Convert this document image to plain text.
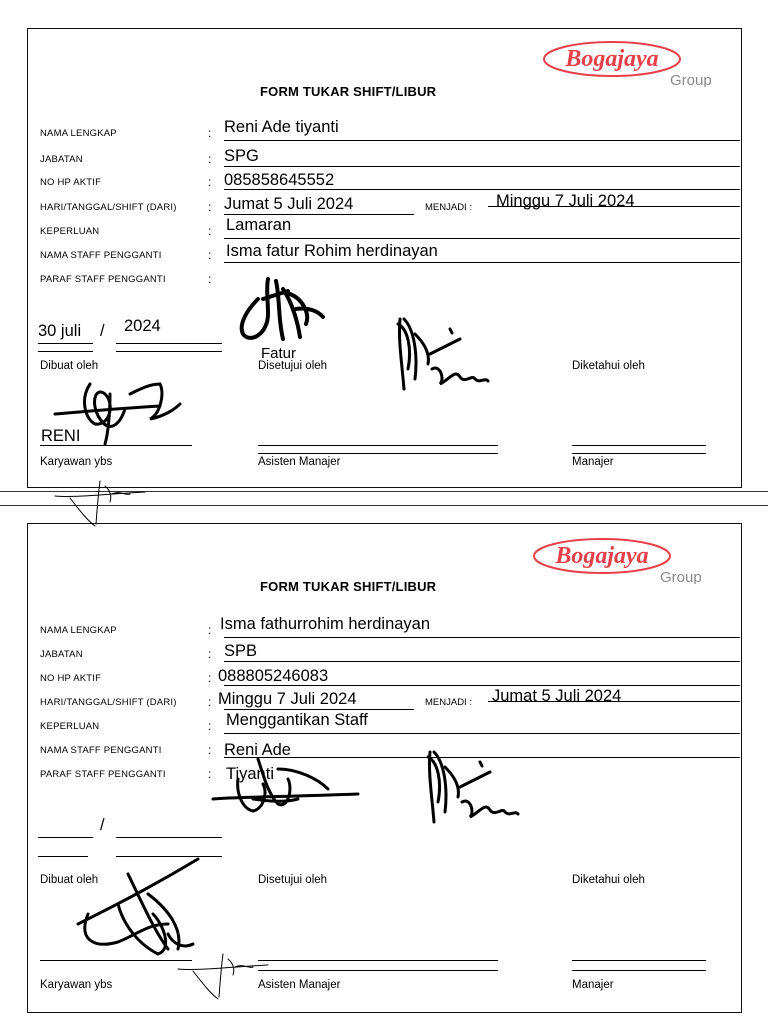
Bogajaya
Group
FORM TUKAR SHIFT/LIBUR
NAMA LENGKAP	: Reni Ade tiyanti
JABATAN	: SPG
NO HP AKTIF	: 085858645552
HARI/TANGGAL/SHIFT (DARI)	: Jumat 5 Juli 2024	MENJADI : Minggu 7 Juli 2024
KEPERLUAN	: Lamaran
NAMA STAFF PENGGANTI	: Isma fatur Rohim herdinayan
PARAF STAFF PENGGANTI	:
Fatur
30 juli / 2024
Dibuat oleh	Disetujui oleh	Diketahui oleh
RENI
Karyawan ybs	Asisten Manajer	Manajer
Bogajaya
Group
FORM TUKAR SHIFT/LIBUR
NAMA LENGKAP	: Isma fathurrohim herdinayan
JABATAN	: SPB
NO HP AKTIF	: 088805246083
HARI/TANGGAL/SHIFT (DARI)	: Minggu 7 Juli 2024	MENJADI : Jumat 5 Juli 2024
KEPERLUAN	: Menggantikan Staff
NAMA STAFF PENGGANTI	: Reni Ade
PARAF STAFF PENGGANTI	: Tiyanti
/
Dibuat oleh	Disetujui oleh	Diketahui oleh
Karyawan ybs	Asisten Manajer	Manajer
